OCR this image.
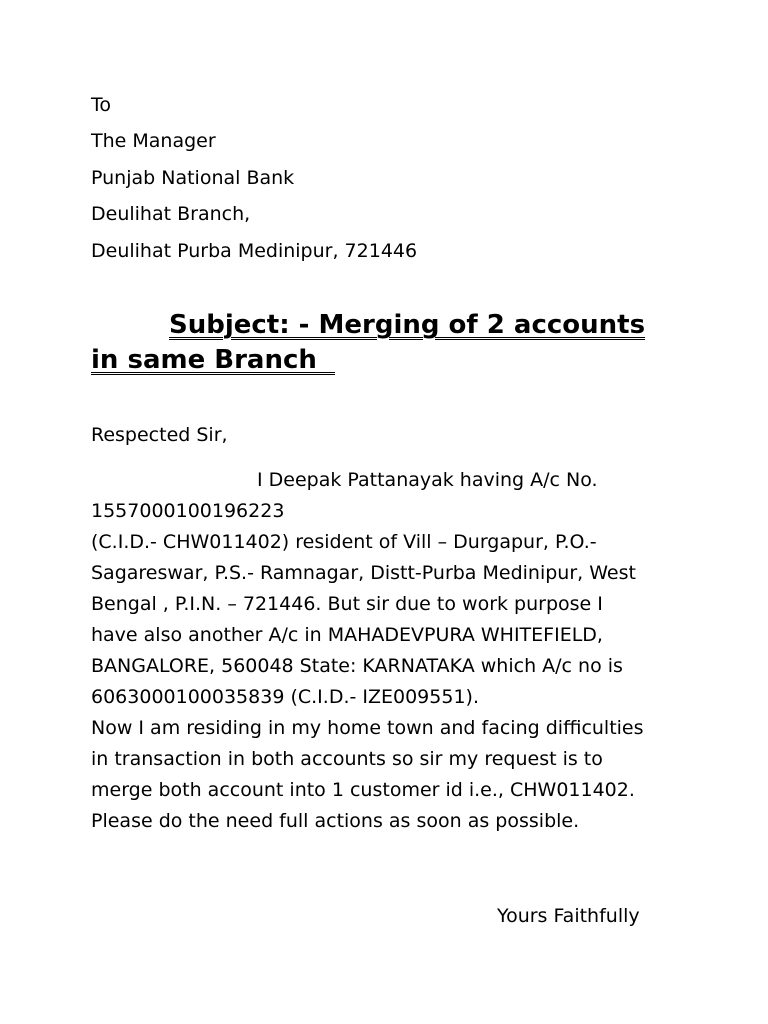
To
The Manager
Punjab National Bank
Deulihat Branch,
Deulihat Purba Medinipur, 721446
Subject: - Merging of 2 accounts
in same Branch
Respected Sir,
I Deepak Pattanayak having A/c No.
1557000100196223
(C.I.D.- CHW011402) resident of Vill – Durgapur, P.O.-
Sagareswar, P.S.- Ramnagar, Distt-Purba Medinipur, West
Bengal , P.I.N. – 721446. But sir due to work purpose I
have also another A/c in MAHADEVPURA WHITEFIELD,
BANGALORE, 560048 State: KARNATAKA which A/c no is
6063000100035839 (C.I.D.- IZE009551).
Now I am residing in my home town and facing difficulties
in transaction in both accounts so sir my request is to
merge both account into 1 customer id i.e., CHW011402.
Please do the need full actions as soon as possible.
Yours Faithfully
